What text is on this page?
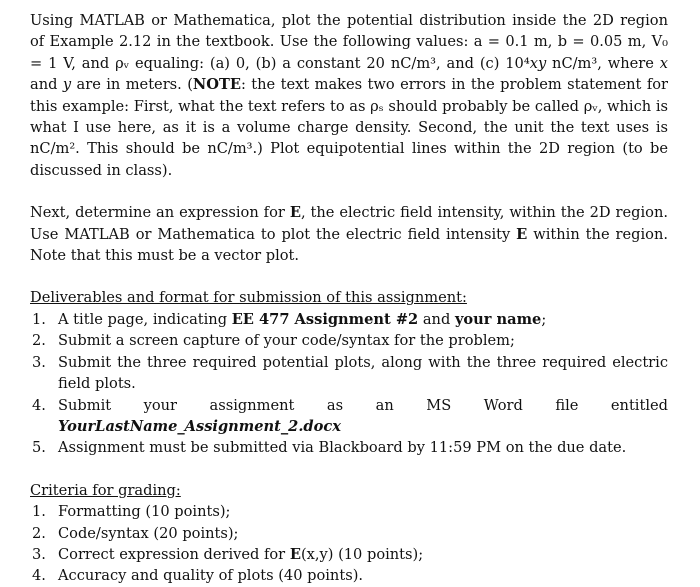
Using MATLAB or Mathematica, plot the potential distribution inside the 2D region of Example 2.12 in the textbook. Use the following values: a = 0.1 m, b = 0.05 m, V₀ = 1 V, and ρᵥ equaling: (a) 0, (b) a constant 20 nC/m³, and (c) 10⁴xy nC/m³, where x and y are in meters. (NOTE: the text makes two errors in the problem statement for this example: First, what the text refers to as ρₛ should probably be called ρᵥ, which is what I use here, as it is a volume charge density. Second, the unit the text uses is nC/m². This should be nC/m³.) Plot equipotential lines within the 2D region (to be discussed in class).

Next, determine an expression for E, the electric field intensity, within the 2D region. Use MATLAB or Mathematica to plot the electric field intensity E within the region. Note that this must be a vector plot.

Deliverables and format for submission of this assignment:

1. A title page, indicating EE 477 Assignment #2 and your name;
2. Submit a screen capture of your code/syntax for the problem;
3. Submit the three required potential plots, along with the three required electric field plots.
4. Submit your assignment as an MS Word file entitled
YourLastName_Assignment_2.docx
5. Assignment must be submitted via Blackboard by 11:59 PM on the due date.

Criteria for grading:

1. Formatting (10 points);
2. Code/syntax (20 points);
3. Correct expression derived for E(x,y) (10 points);
4. Accuracy and quality of plots (40 points).
